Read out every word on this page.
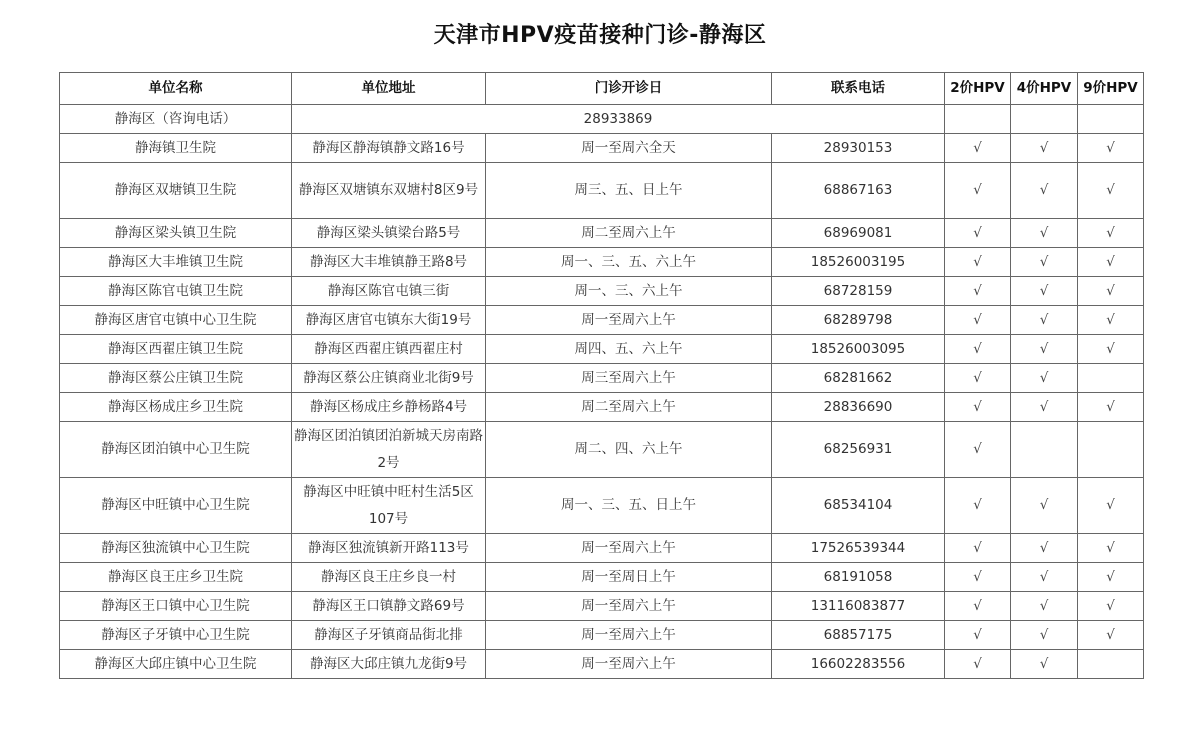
天津市HPV疫苗接种门诊-静海区
单位名称	单位地址	门诊开诊日	联系电话	2价HPV	4价HPV	9价HPV
静海区（咨询电话）	28933869					
静海镇卫生院	静海区静海镇静文路16号	周一至周六全天	28930153	√	√	√
静海区双塘镇卫生院	静海区双塘镇东双塘村8区9号	周三、五、日上午	68867163	√	√	√
静海区梁头镇卫生院	静海区梁头镇梁台路5号	周二至周六上午	68969081	√	√	√
静海区大丰堆镇卫生院	静海区大丰堆镇静王路8号	周一、三、五、六上午	18526003195	√	√	√
静海区陈官屯镇卫生院	静海区陈官屯镇三街	周一、三、六上午	68728159	√	√	√
静海区唐官屯镇中心卫生院	静海区唐官屯镇东大街19号	周一至周六上午	68289798	√	√	√
静海区西翟庄镇卫生院	静海区西翟庄镇西翟庄村	周四、五、六上午	18526003095	√	√	√
静海区蔡公庄镇卫生院	静海区蔡公庄镇商业北街9号	周三至周六上午	68281662	√	√	
静海区杨成庄乡卫生院	静海区杨成庄乡静杨路4号	周二至周六上午	28836690	√	√	√
静海区团泊镇中心卫生院	静海区团泊镇团泊新城天房南路2号	周二、四、六上午	68256931	√		
静海区中旺镇中心卫生院	静海区中旺镇中旺村生活5区107号	周一、三、五、日上午	68534104	√	√	√
静海区独流镇中心卫生院	静海区独流镇新开路113号	周一至周六上午	17526539344	√	√	√
静海区良王庄乡卫生院	静海区良王庄乡良一村	周一至周日上午	68191058	√	√	√
静海区王口镇中心卫生院	静海区王口镇静文路69号	周一至周六上午	13116083877	√	√	√
静海区子牙镇中心卫生院	静海区子牙镇商品街北排	周一至周六上午	68857175	√	√	√
静海区大邱庄镇中心卫生院	静海区大邱庄镇九龙街9号	周一至周六上午	16602283556	√	√	
